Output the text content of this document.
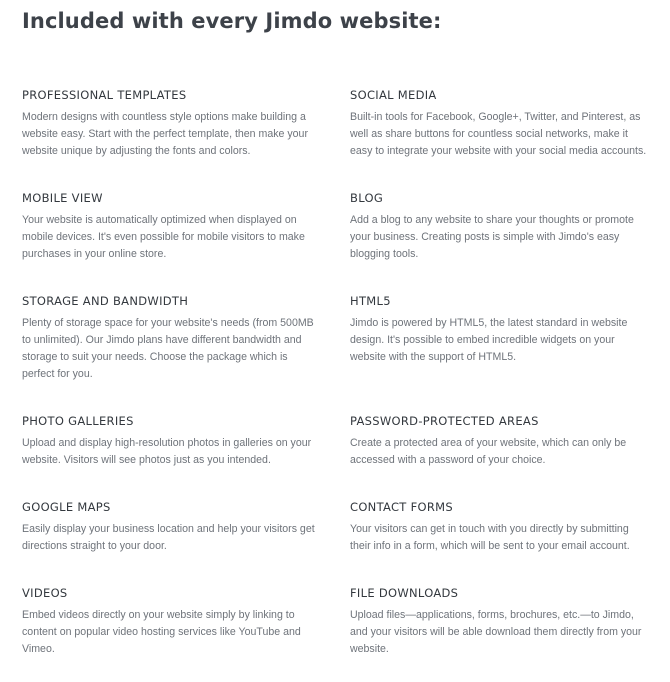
Included with every Jimdo website:
PROFESSIONAL TEMPLATES

Modern designs with countless style options make building a website easy. Start with the perfect template, then make your website unique by adjusting the fonts and colors.

SOCIAL MEDIA

Built-in tools for Facebook, Google+, Twitter, and Pinterest, as well as share buttons for countless social networks, make it easy to integrate your website with your social media accounts.

MOBILE VIEW

Your website is automatically optimized when displayed on mobile devices. It's even possible for mobile visitors to make purchases in your online store.

BLOG

Add a blog to any website to share your thoughts or promote your business. Creating posts is simple with Jimdo's easy blogging tools.

STORAGE AND BANDWIDTH

Plenty of storage space for your website's needs (from 500MB to unlimited). Our Jimdo plans have different bandwidth and storage to suit your needs. Choose the package which is perfect for you.

HTML5

Jimdo is powered by HTML5, the latest standard in website design. It's possible to embed incredible widgets on your website with the support of HTML5.

PHOTO GALLERIES

Upload and display high-resolution photos in galleries on your website. Visitors will see photos just as you intended.

PASSWORD-PROTECTED AREAS

Create a protected area of your website, which can only be accessed with a password of your choice.

GOOGLE MAPS

Easily display your business location and help your visitors get directions straight to your door.

CONTACT FORMS

Your visitors can get in touch with you directly by submitting their info in a form, which will be sent to your email account.

VIDEOS

Embed videos directly on your website simply by linking to content on popular video hosting services like YouTube and Vimeo.

FILE DOWNLOADS

Upload files—applications, forms, brochures, etc.—to Jimdo, and your visitors will be able download them directly from your website.
